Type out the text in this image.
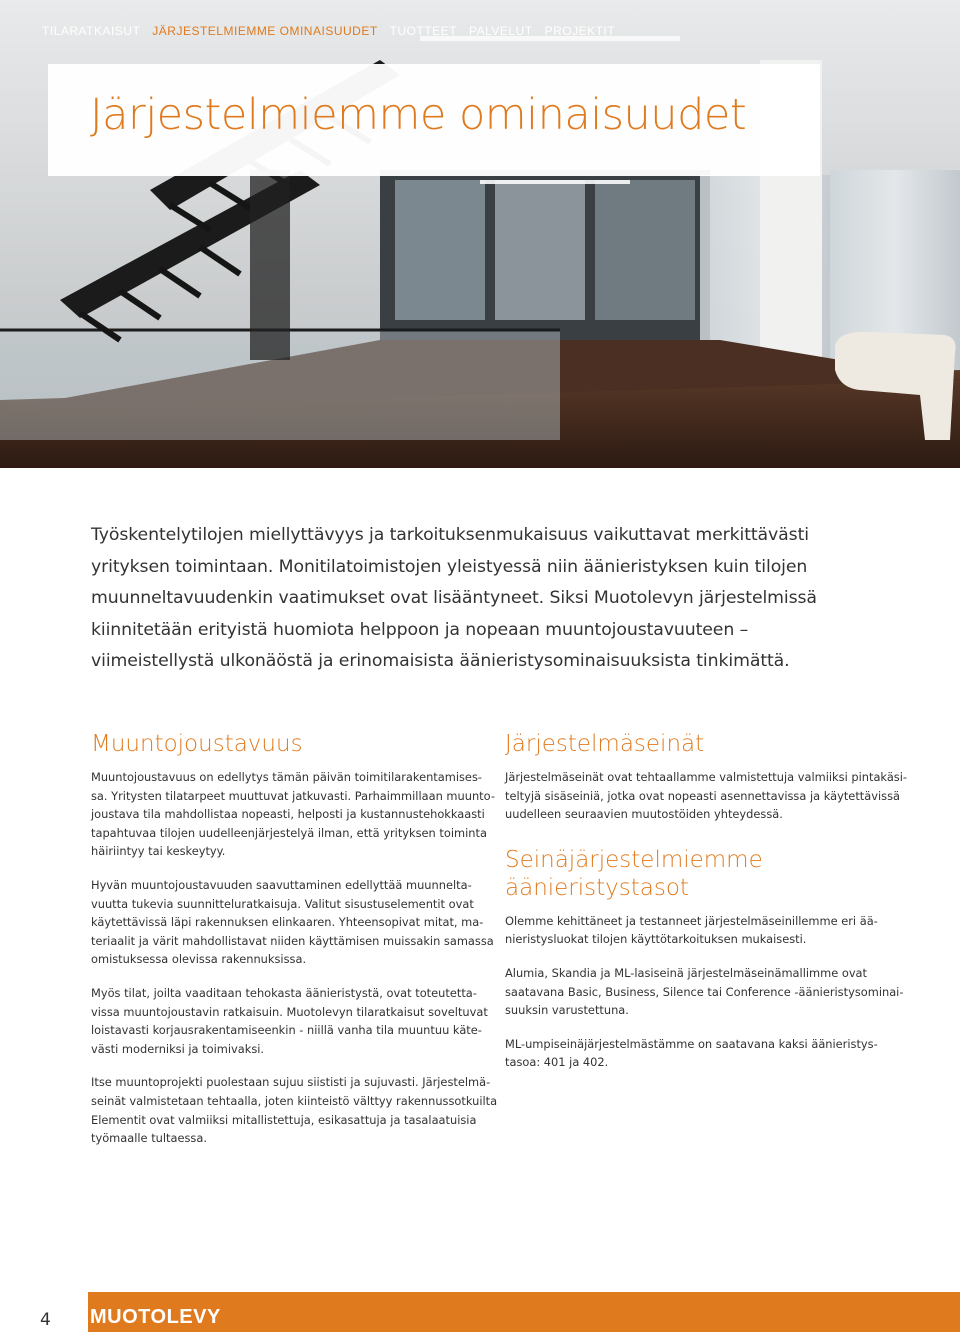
TILARATKAISUT JÄRJESTELMIEMME OMINAISUUDET TUOTTEET PALVELUT PROJEKTIT
Järjestelmiemme ominaisuudet

Työskentelytilojen miellyttävyys ja tarkoituksenmukaisuus vaikuttavat merkittävästi
yrityksen toimintaan. Monitilatoimistojen yleistyessä niin äänieristyksen kuin tilojen
muunneltavuudenkin vaatimukset ovat lisääntyneet. Siksi Muotolevyn järjestelmissä
kiinnitetään erityistä huomiota helppoon ja nopeaan muuntojoustavuuteen –
viimeistellystä ulkonäöstä ja erinomaisista äänieristysominaisuuksista tinkimättä.

Muuntojoustavuus

Muuntojoustavuus on edellytys tämän päivän toimitilarakentamises-
sa. Yritysten tilatarpeet muuttuvat jatkuvasti. Parhaimmillaan muunto-
joustava tila mahdollistaa nopeasti, helposti ja kustannustehokkaasti
tapahtuvaa tilojen uudelleenjärjestelyä ilman, että yrityksen toiminta
häiriintyy tai keskeytyy.

Hyvän muuntojoustavuuden saavuttaminen edellyttää muunnelta-
vuutta tukevia suunnitteluratkaisuja. Valitut sisustuselementit ovat
käytettävissä läpi rakennuksen elinkaaren. Yhteensopivat mitat, ma-
teriaalit ja värit mahdollistavat niiden käyttämisen muissakin samassa
omistuksessa olevissa rakennuksissa.

Myös tilat, joilta vaaditaan tehokasta äänieristystä, ovat toteutetta-
vissa muuntojoustavin ratkaisuin. Muotolevyn tilaratkaisut soveltuvat
loistavasti korjausrakentamiseenkin - niillä vanha tila muuntuu käte-
västi moderniksi ja toimivaksi.

Itse muuntoprojekti puolestaan sujuu siististi ja sujuvasti. Järjestelmä-
seinät valmistetaan tehtaalla, joten kiinteistö välttyy rakennussotkuilta
Elementit ovat valmiiksi mitallistettuja, esikasattuja ja tasalaatuisia
työmaalle tultaessa.

Järjestelmäseinät

Järjestelmäseinät ovat tehtaallamme valmistettuja valmiiksi pintakäsi-
teltyjä sisäseiniä, jotka ovat nopeasti asennettavissa ja käytettävissä
uudelleen seuraavien muutostöiden yhteydessä.

Seinäjärjestelmiemme
äänieristystasot

Olemme kehittäneet ja testanneet järjestelmäseinillemme eri ää-
nieristysluokat tilojen käyttötarkoituksen mukaisesti.

Alumia, Skandia ja ML-lasiseinä järjestelmäseinämallimme ovat
saatavana Basic, Business, Silence tai Conference -äänieristysominai-
suuksin varustettuna.

ML-umpiseinäjärjestelmästämme on saatavana kaksi äänieristys-
tasoa: 401 ja 402.

4 MUOTOLEVY
